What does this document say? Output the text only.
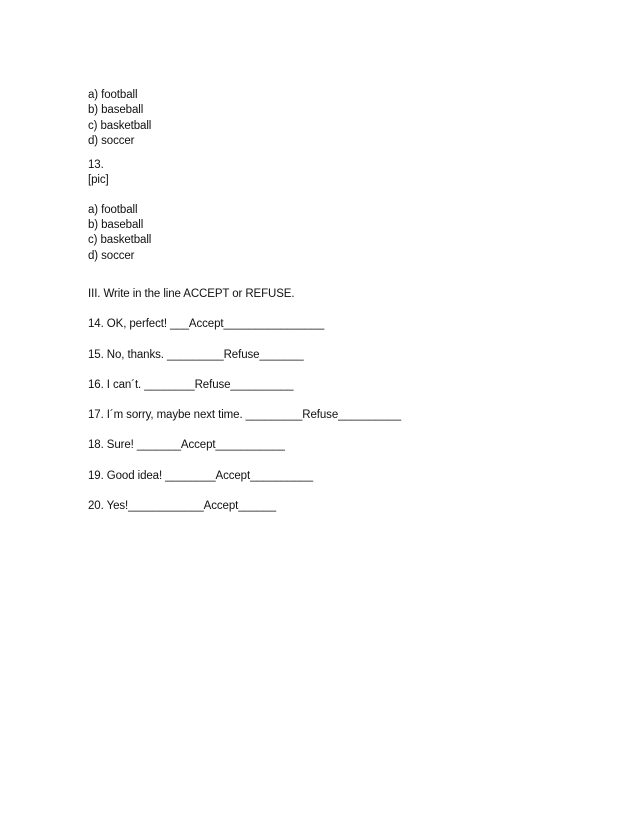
a) football
b) baseball
c) basketball
d) soccer
13.
[pic]
a) football
b) baseball
c) basketball
d) soccer
III. Write in the line ACCEPT or REFUSE.
14. OK, perfect! ___Accept________________
15. No, thanks. _________Refuse_______
16. I can´t. ________Refuse__________
17. I´m sorry, maybe next time. _________Refuse__________
18. Sure! _______Accept___________
19. Good idea! ________Accept__________
20. Yes!____________Accept______
